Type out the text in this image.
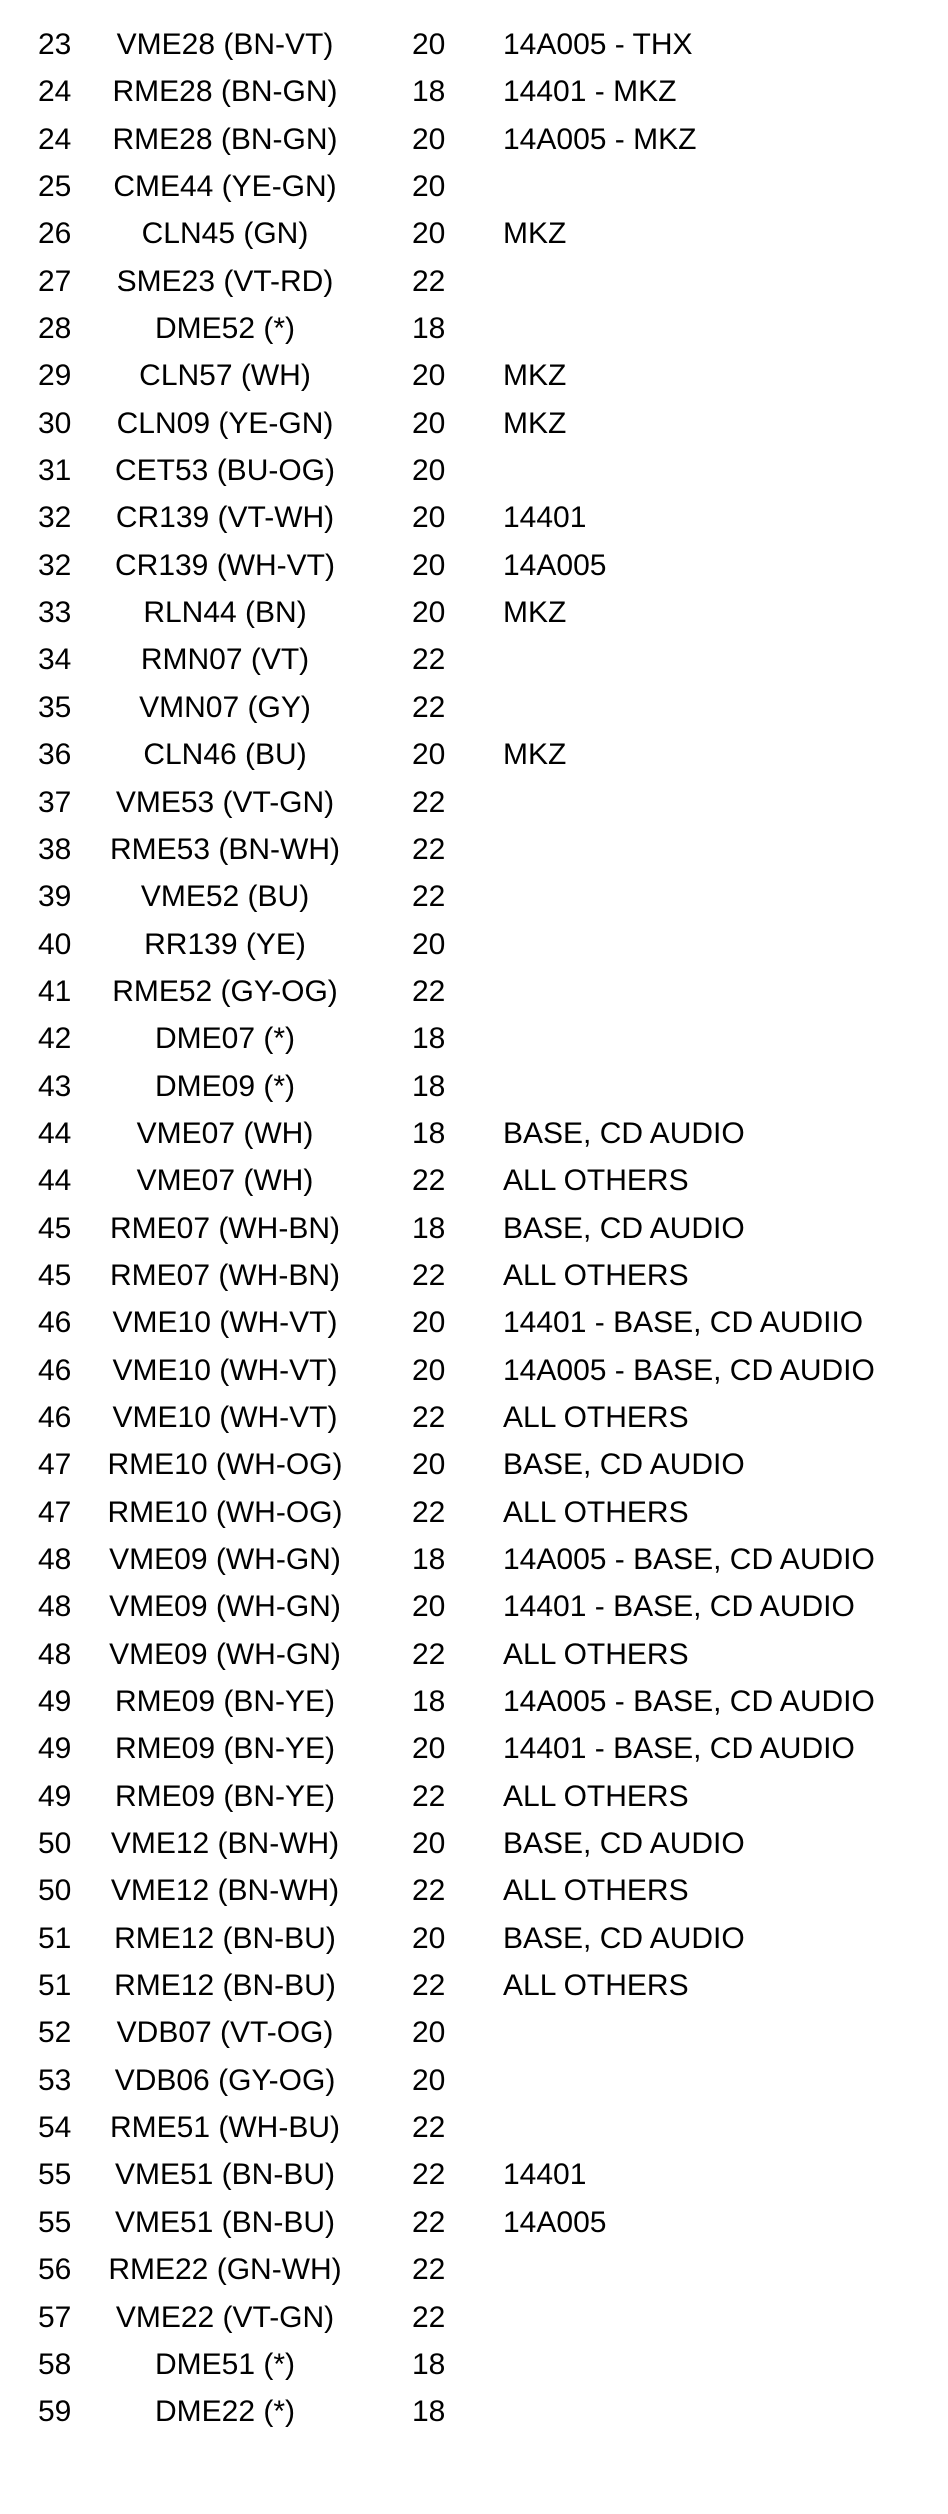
23	VME28 (BN-VT)	20	14A005 - THX
24	RME28 (BN-GN)	18	14401 - MKZ
24	RME28 (BN-GN)	20	14A005 - MKZ
25	CME44 (YE-GN)	20
26	CLN45 (GN)	20	MKZ
27	SME23 (VT-RD)	22
28	DME52 (*)	18
29	CLN57 (WH)	20	MKZ
30	CLN09 (YE-GN)	20	MKZ
31	CET53 (BU-OG)	20
32	CR139 (VT-WH)	20	14401
32	CR139 (WH-VT)	20	14A005
33	RLN44 (BN)	20	MKZ
34	RMN07 (VT)	22
35	VMN07 (GY)	22
36	CLN46 (BU)	20	MKZ
37	VME53 (VT-GN)	22
38	RME53 (BN-WH)	22
39	VME52 (BU)	22
40	RR139 (YE)	20
41	RME52 (GY-OG)	22
42	DME07 (*)	18
43	DME09 (*)	18
44	VME07 (WH)	18	BASE, CD AUDIO
44	VME07 (WH)	22	ALL OTHERS
45	RME07 (WH-BN)	18	BASE, CD AUDIO
45	RME07 (WH-BN)	22	ALL OTHERS
46	VME10 (WH-VT)	20	14401 - BASE, CD AUDIIO
46	VME10 (WH-VT)	20	14A005 - BASE, CD AUDIO
46	VME10 (WH-VT)	22	ALL OTHERS
47	RME10 (WH-OG)	20	BASE, CD AUDIO
47	RME10 (WH-OG)	22	ALL OTHERS
48	VME09 (WH-GN)	18	14A005 - BASE, CD AUDIO
48	VME09 (WH-GN)	20	14401 - BASE, CD AUDIO
48	VME09 (WH-GN)	22	ALL OTHERS
49	RME09 (BN-YE)	18	14A005 - BASE, CD AUDIO
49	RME09 (BN-YE)	20	14401 - BASE, CD AUDIO
49	RME09 (BN-YE)	22	ALL OTHERS
50	VME12 (BN-WH)	20	BASE, CD AUDIO
50	VME12 (BN-WH)	22	ALL OTHERS
51	RME12 (BN-BU)	20	BASE, CD AUDIO
51	RME12 (BN-BU)	22	ALL OTHERS
52	VDB07 (VT-OG)	20
53	VDB06 (GY-OG)	20
54	RME51 (WH-BU)	22
55	VME51 (BN-BU)	22	14401
55	VME51 (BN-BU)	22	14A005
56	RME22 (GN-WH)	22
57	VME22 (VT-GN)	22
58	DME51 (*)	18
59	DME22 (*)	18
